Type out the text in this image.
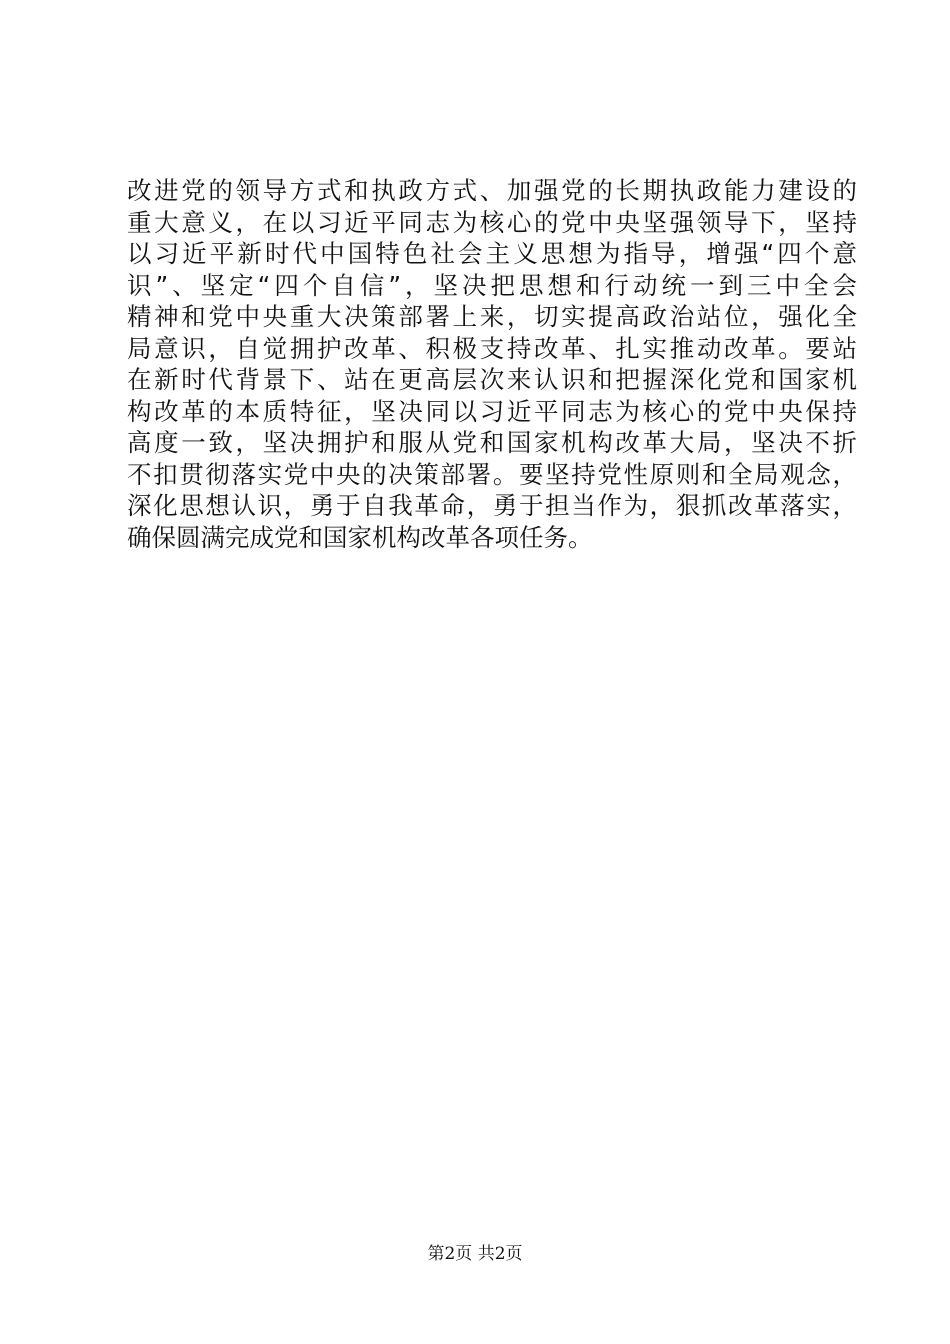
改进党的领导方式和执政方式、加强党的长期执政能力建设的
重大意义，在以习近平同志为核心的党中央坚强领导下，坚持
以习近平新时代中国特色社会主义思想为指导，增强“四个意
识”、坚定“四个自信”，坚决把思想和行动统一到三中全会
精神和党中央重大决策部署上来，切实提高政治站位，强化全
局意识，自觉拥护改革、积极支持改革、扎实推动改革。要站
在新时代背景下、站在更高层次来认识和把握深化党和国家机
构改革的本质特征，坚决同以习近平同志为核心的党中央保持
高度一致，坚决拥护和服从党和国家机构改革大局，坚决不折
不扣贯彻落实党中央的决策部署。要坚持党性原则和全局观念，
深化思想认识，勇于自我革命，勇于担当作为，狠抓改革落实，
确保圆满完成党和国家机构改革各项任务。
第2页 共2页
